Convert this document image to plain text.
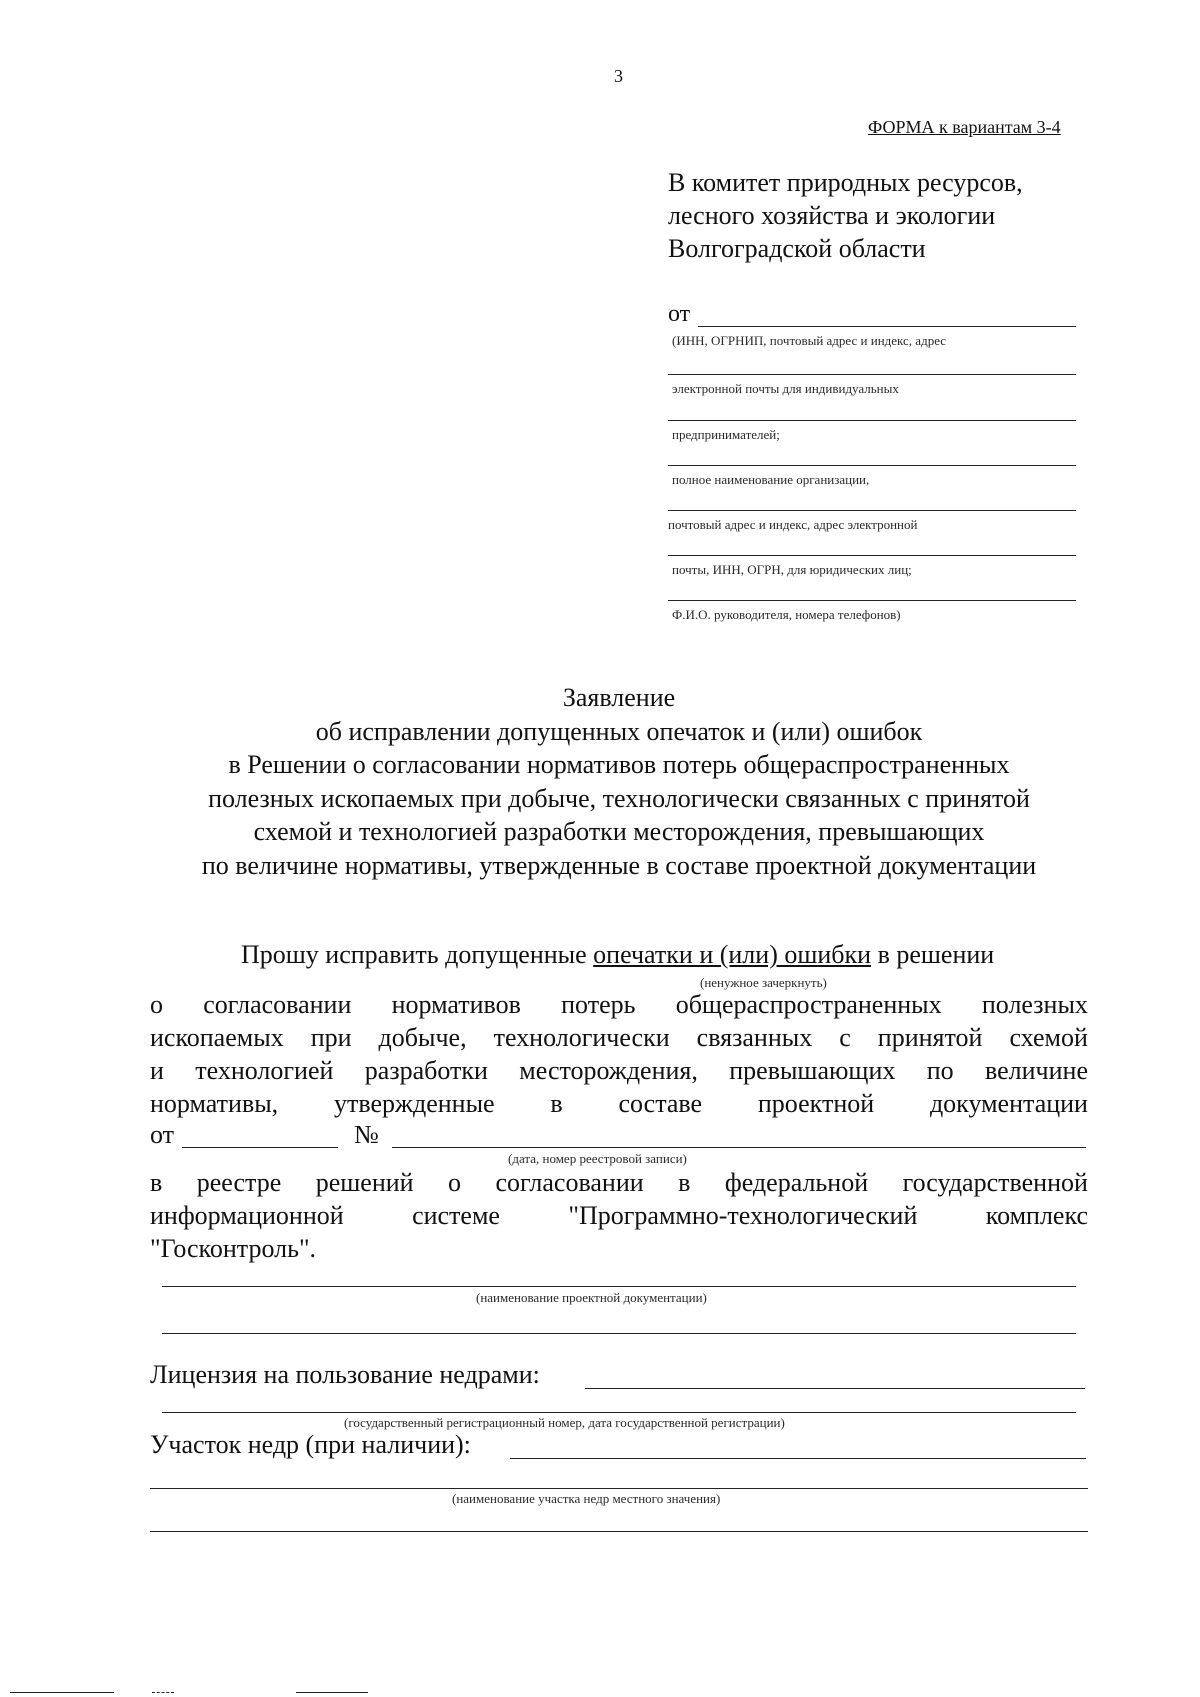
3
ФОРМА к вариантам 3-4
В комитет природных ресурсов,
лесного хозяйства и экологии
Волгоградской области
от
(ИНН, ОГРНИП, почтовый адрес и индекс, адрес
электронной почты для индивидуальных
предпринимателей;
полное наименование организации,
почтовый адрес и индекс, адрес электронной
почты, ИНН, ОГРН, для юридических лиц;
Ф.И.О. руководителя, номера телефонов)
Заявление
об исправлении допущенных опечаток и (или) ошибок
в Решении о согласовании нормативов потерь общераспространенных
полезных ископаемых при добыче, технологически связанных с принятой
схемой и технологией разработки месторождения, превышающих
по величине нормативы, утвержденные в составе проектной документации
Прошу исправить допущенные опечатки и (или) ошибки в решении
(ненужное зачеркнуть)
о согласовании нормативов потерь общераспространенных полезных
ископаемых при добыче, технологически связанных с принятой схемой
и технологией разработки месторождения, превышающих по величине
нормативы, утвержденные в составе проектной документации
от	№
(дата, номер реестровой записи)
в реестре решений о согласовании в федеральной государственной
информационной	системе	"Программно-технологический	комплекс
"Госконтроль".
(наименование проектной документации)
Лицензия на пользование недрами:
(государственный регистрационный номер, дата государственной регистрации)
Участок недр (при наличии):
(наименование участка недр местного значения)
